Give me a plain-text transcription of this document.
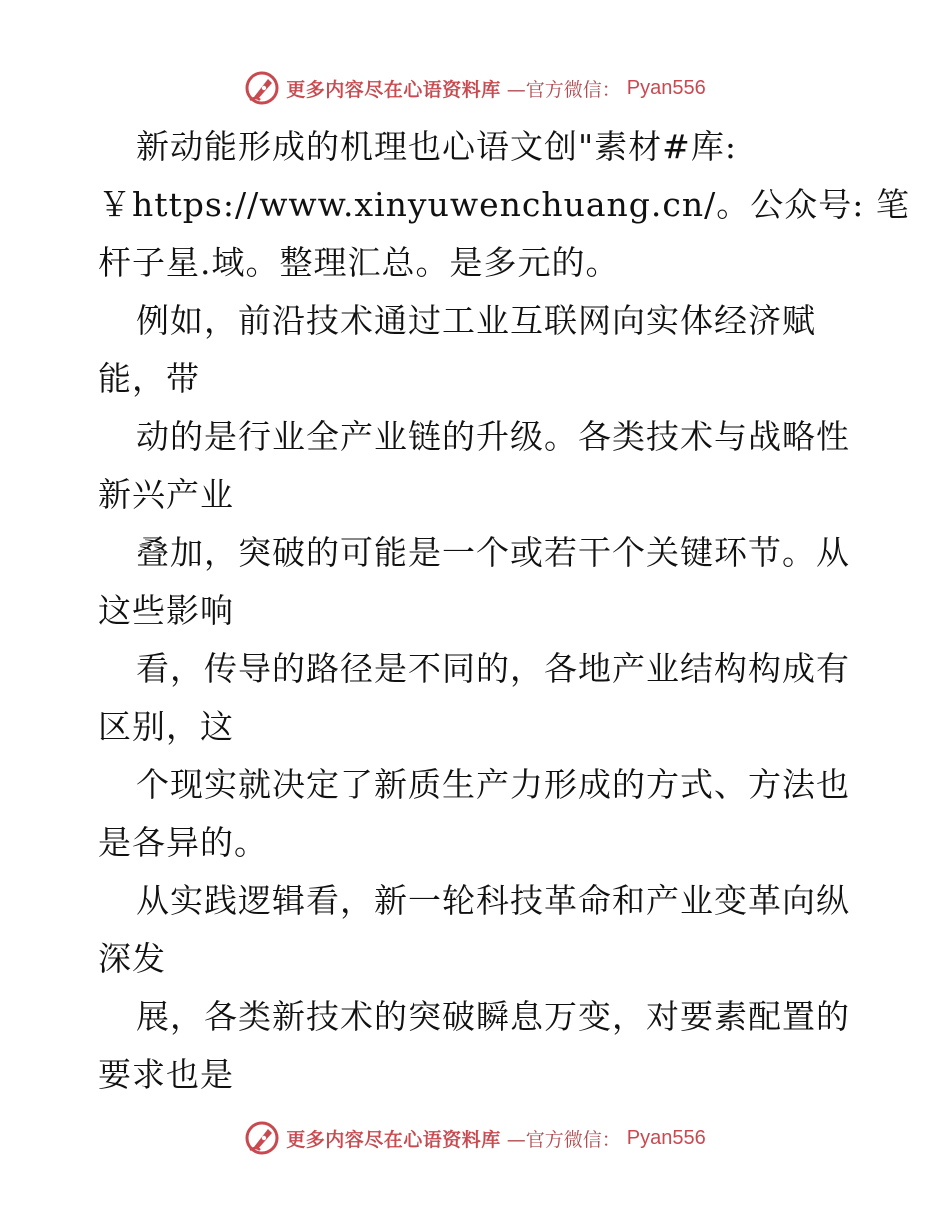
更多内容尽在心语资料库 —官方微信： Pyan556
新动能形成的机理也心语文创"素材#库:
￥https://www.xinyuwenchuang.cn/。公众号: 笔
杆子星.域。整理汇总。是多元的。
例如，前沿技术通过工业互联网向实体经济赋
能，带
动的是行业全产业链的升级。各类技术与战略性
新兴产业
叠加，突破的可能是一个或若干个关键环节。从
这些影响
看，传导的路径是不同的，各地产业结构构成有
区别，这
个现实就决定了新质生产力形成的方式、方法也
是各异的。
从实践逻辑看，新一轮科技革命和产业变革向纵
深发
展，各类新技术的突破瞬息万变，对要素配置的
要求也是
更多内容尽在心语资料库 —官方微信： Pyan556
